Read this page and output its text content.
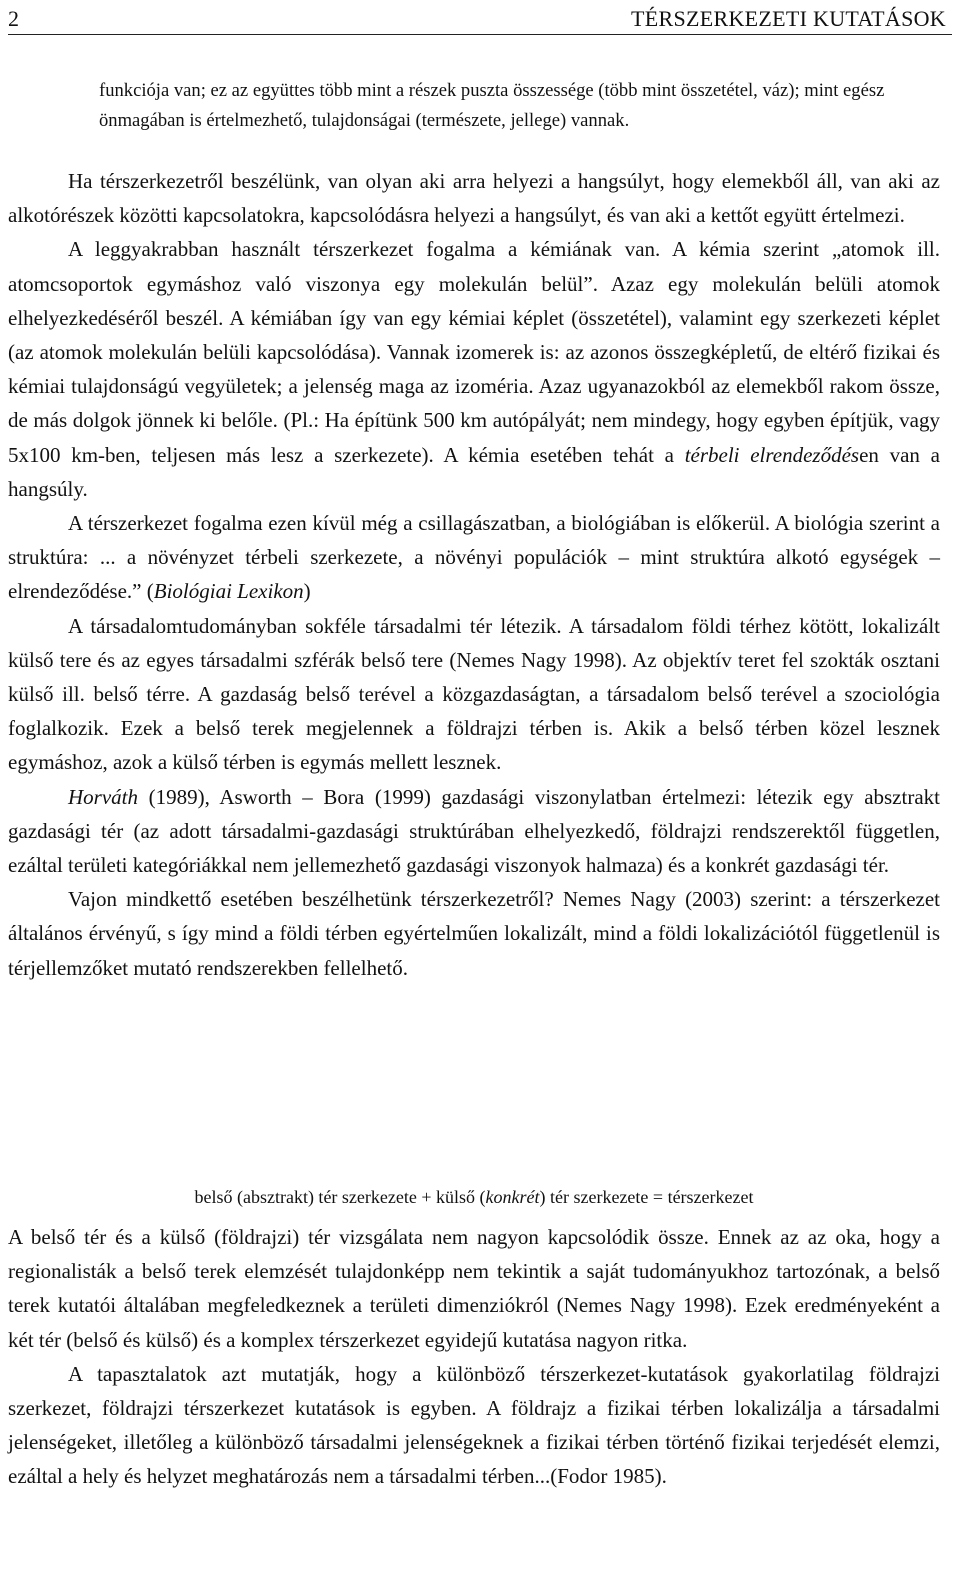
2	TÉRSZERKEZETI KUTATÁSOK
funkciója van; ez az együttes több mint a részek puszta összessége (több mint összetétel, váz); mint egész önmagában is értelmezhető, tulajdonságai (természete, jellege) vannak.

Ha térszerkezetről beszélünk, van olyan aki arra helyezi a hangsúlyt, hogy elemekből áll, van aki az alkotórészek közötti kapcsolatokra, kapcsolódásra helyezi a hangsúlyt, és van aki a kettőt együtt értelmezi.

A leggyakrabban használt térszerkezet fogalma a kémiának van. A kémia szerint „atomok ill. atomcsoportok egymáshoz való viszonya egy molekulán belül”. Azaz egy molekulán belüli atomok elhelyezkedéséről beszél. A kémiában így van egy kémiai képlet (összetétel), valamint egy szerkezeti képlet (az atomok molekulán belüli kapcsolódása). Vannak izomerek is: az azonos összegképletű, de eltérő fizikai és kémiai tulajdonságú vegyületek; a jelenség maga az izoméria. Azaz ugyanazokból az elemekből rakom össze, de más dolgok jönnek ki belőle. (Pl.: Ha építünk 500 km autópályát; nem mindegy, hogy egyben építjük, vagy 5x100 km-ben, teljesen más lesz a szerkezete). A kémia esetében tehát a térbeli elrendeződésen van a hangsúly.

A térszerkezet fogalma ezen kívül még a csillagászatban, a biológiában is előkerül. A biológia szerint a struktúra: ... a növényzet térbeli szerkezete, a növényi populációk – mint struktúra alkotó egységek – elrendeződése.” (Biológiai Lexikon)

A társadalomtudományban sokféle társadalmi tér létezik. A társadalom földi térhez kötött, lokalizált külső tere és az egyes társadalmi szférák belső tere (Nemes Nagy 1998). Az objektív teret fel szokták osztani külső ill. belső térre. A gazdaság belső terével a közgazdaságtan, a társadalom belső terével a szociológia foglalkozik. Ezek a belső terek megjelennek a földrajzi térben is. Akik a belső térben közel lesznek egymáshoz, azok a külső térben is egymás mellett lesznek.

Horváth (1989), Asworth – Bora (1999) gazdasági viszonylatban értelmezi: létezik egy absztrakt gazdasági tér (az adott társadalmi-gazdasági struktúrában elhelyezkedő, földrajzi rendszerektől független, ezáltal területi kategóriákkal nem jellemezhető gazdasági viszonyok halmaza) és a konkrét gazdasági tér.

Vajon mindkettő esetében beszélhetünk térszerkezetről? Nemes Nagy (2003) szerint: a térszerkezet általános érvényű, s így mind a földi térben egyértelműen lokalizált, mind a földi lokalizációtól függetlenül is térjellemzőket mutató rendszerekben fellelhető.

belső (absztrakt) tér szerkezete + külső (konkrét) tér szerkezete = térszerkezet

A belső tér és a külső (földrajzi) tér vizsgálata nem nagyon kapcsolódik össze. Ennek az az oka, hogy a regionalisták a belső terek elemzését tulajdonképp nem tekintik a saját tudományukhoz tartozónak, a belső terek kutatói általában megfeledkeznek a területi dimenziókról (Nemes Nagy 1998). Ezek eredményeként a két tér (belső és külső) és a komplex térszerkezet egyidejű kutatása nagyon ritka.

A tapasztalatok azt mutatják, hogy a különböző térszerkezet-kutatások gyakorlatilag földrajzi szerkezet, földrajzi térszerkezet kutatások is egyben. A földrajz a fizikai térben lokalizálja a társadalmi jelenségeket, illetőleg a különböző társadalmi jelenségeknek a fizikai térben történő fizikai terjedését elemzi, ezáltal a hely és helyzet meghatározás nem a társadalmi térben...(Fodor 1985).
